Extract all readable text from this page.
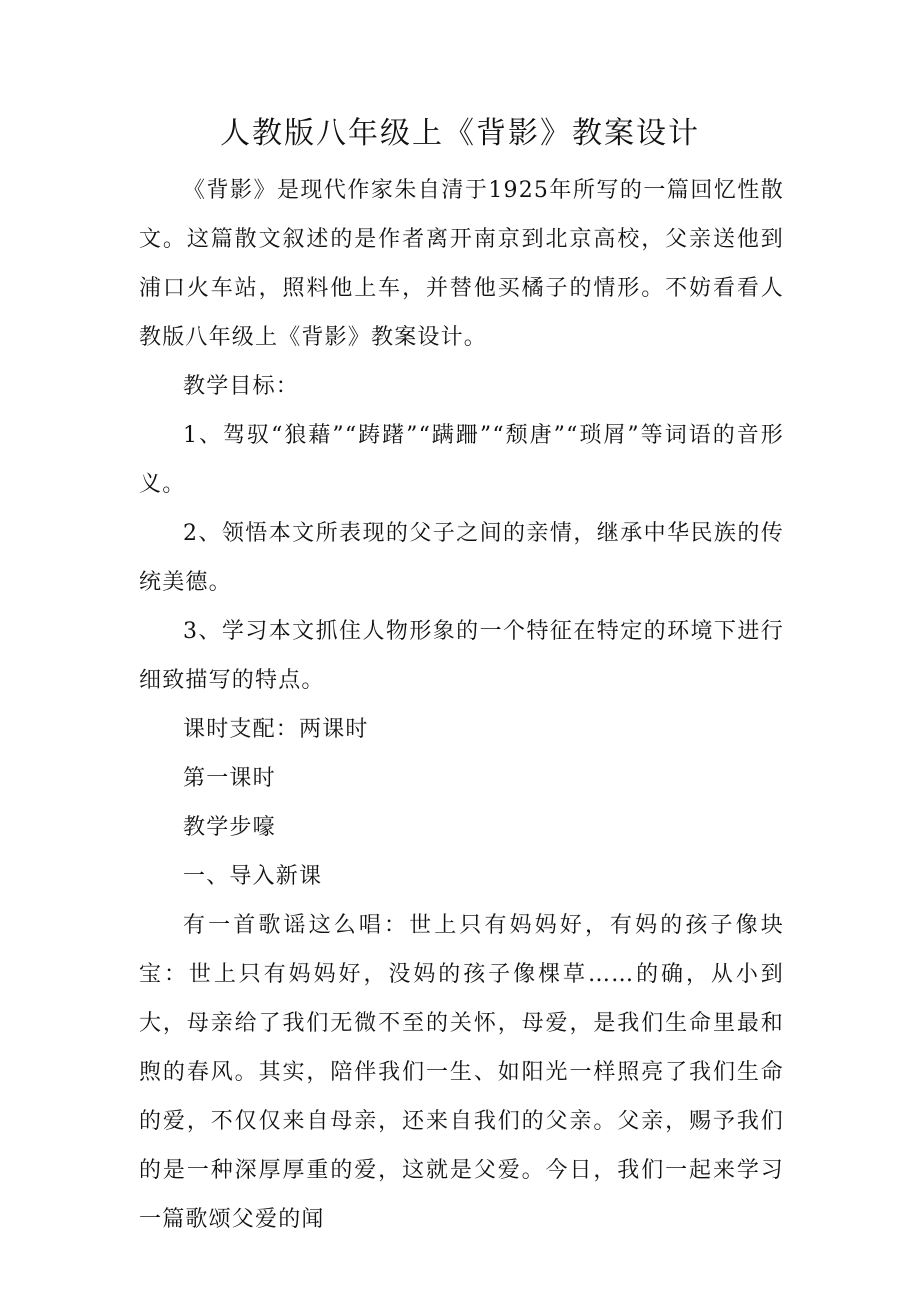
人教版八年级上《背影》教案设计

《背影》是现代作家朱自清于1925年所写的一篇回忆性散文。这篇散文叙述的是作者离开南京到北京高校，父亲送他到浦口火车站，照料他上车，并替他买橘子的情形。不妨看看人教版八年级上《背影》教案设计。

教学目标：

1、驾驭“狼藉”“踌躇”“蹒跚”“颓唐”“琐屑”等词语的音形义。

2、领悟本文所表现的父子之间的亲情，继承中华民族的传统美德。

3、学习本文抓住人物形象的一个特征在特定的环境下进行细致描写的特点。

课时支配：两课时

第一课时

教学步嚎

一、导入新课

有一首歌谣这么唱：世上只有妈妈好，有妈的孩子像块宝：世上只有妈妈好，没妈的孩子像棵草……的确，从小到大，母亲给了我们无微不至的关怀，母爱，是我们生命里最和煦的春风。其实，陪伴我们一生、如阳光一样照亮了我们生命的爱，不仅仅来自母亲，还来自我们的父亲。父亲，赐予我们的是一种深厚厚重的爱，这就是父爱。今日，我们一起来学习一篇歌颂父爱的闻
